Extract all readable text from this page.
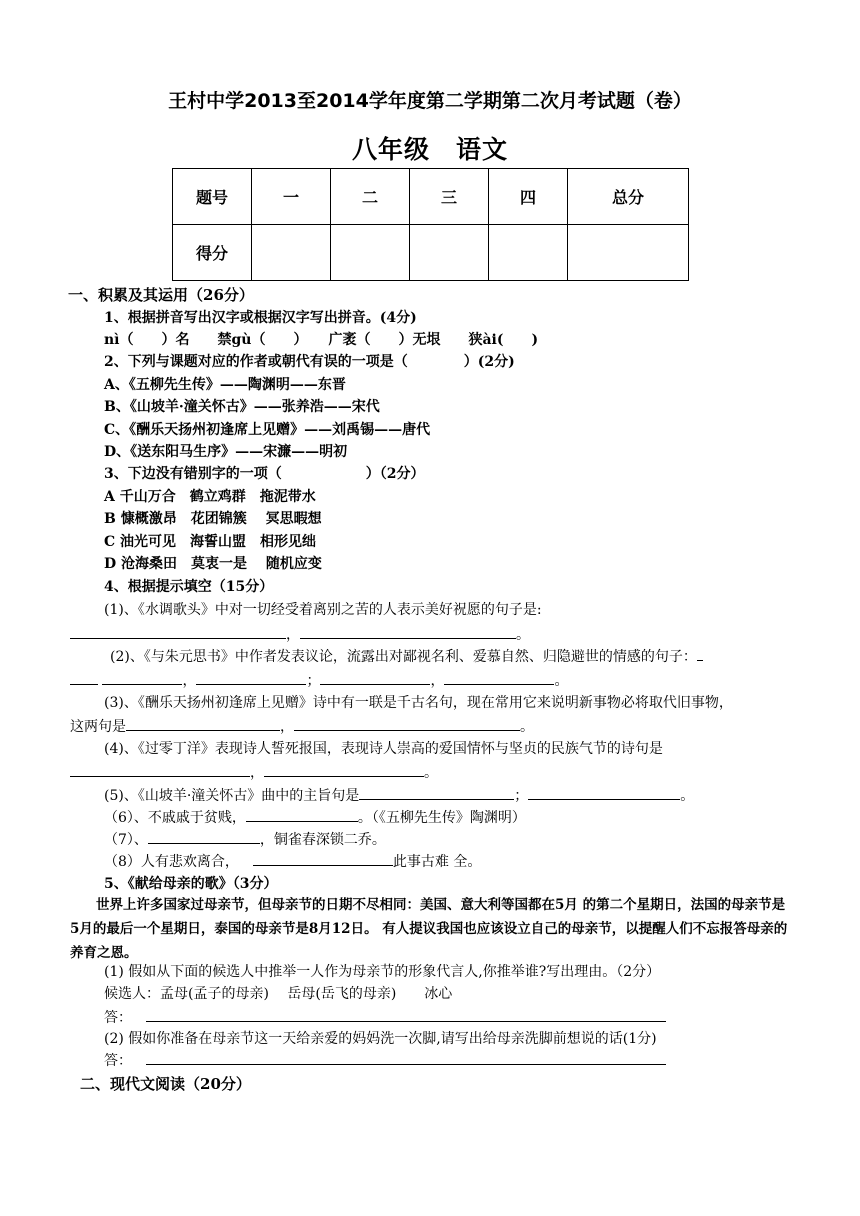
王村中学2013至2014学年度第二学期第二次月考试题（卷）
八年级　语文
题号	一	二	三	四	总分
得分					
一、积累及其运用（26分）
1、根据拼音写出汉字或根据汉字写出拼音。(4分)
nì（　　）名　　禁gù（　　）　　广袤（　　）无垠　　狭ài(　　)
2、下列与课题对应的作者或朝代有误的一项是（　　　　）(2分)
A、《五柳先生传》——陶渊明——东晋
B、《山坡羊·潼关怀古》——张养浩——宋代
C、《酬乐天扬州初逢席上见赠》——刘禹锡——唐代
D、《送东阳马生序》——宋濂——明初
3、下边没有错别字的一项（　　　　　　）（2分）
A 千山万合　鹤立鸡群　拖泥带水
B 慷概激昂　花团锦簇　 冥思暇想
C 油光可见　海誓山盟　相形见绌
D 沧海桑田　莫衷一是　 随机应变
4、根据提示填空（15分）
(1)、《水调歌头》中对一切经受着离别之苦的人表示美好祝愿的句子是:
，	。
(2)、《与朱元思书》中作者发表议论，流露出对鄙视名利、爱慕自然、归隐避世的情感的句子：
，	；	，	。
(3)、《酬乐天扬州初逢席上见赠》诗中有一联是千古名句，现在常用它来说明新事物必将取代旧事物，
这两句是	，	。
(4)、《过零丁洋》表现诗人誓死报国，表现诗人崇高的爱国情怀与坚贞的民族气节的诗句是
，	。
(5)、《山坡羊·潼关怀古》曲中的主旨句是	；	。
（6）、不戚戚于贫贱，	。（《五柳先生传》陶渊明）
（7）、	，铜雀春深锁二乔。
（8）人有悲欢离合，	此事古难 全。
5、《献给母亲的歌》（3分）
世界上许多国家过母亲节，但母亲节的日期不尽相同：美国、意大利等国都在5月 的第二个星期日，法国的母亲节是5月的最后一个星期日，泰国的母亲节是8月12日。 有人提议我国也应该设立自己的母亲节，以提醒人们不忘报答母亲的养育之恩。
(1) 假如从下面的候选人中推举一人作为母亲节的形象代言人,你推举谁?写出理由。（2分）
候选人：孟母(孟子的母亲)　 岳母(岳飞的母亲)　　冰心
答：
(2) 假如你准备在母亲节这一天给亲爱的妈妈洗一次脚,请写出给母亲洗脚前想说的话(1分)
答：
二、现代文阅读（20分）
